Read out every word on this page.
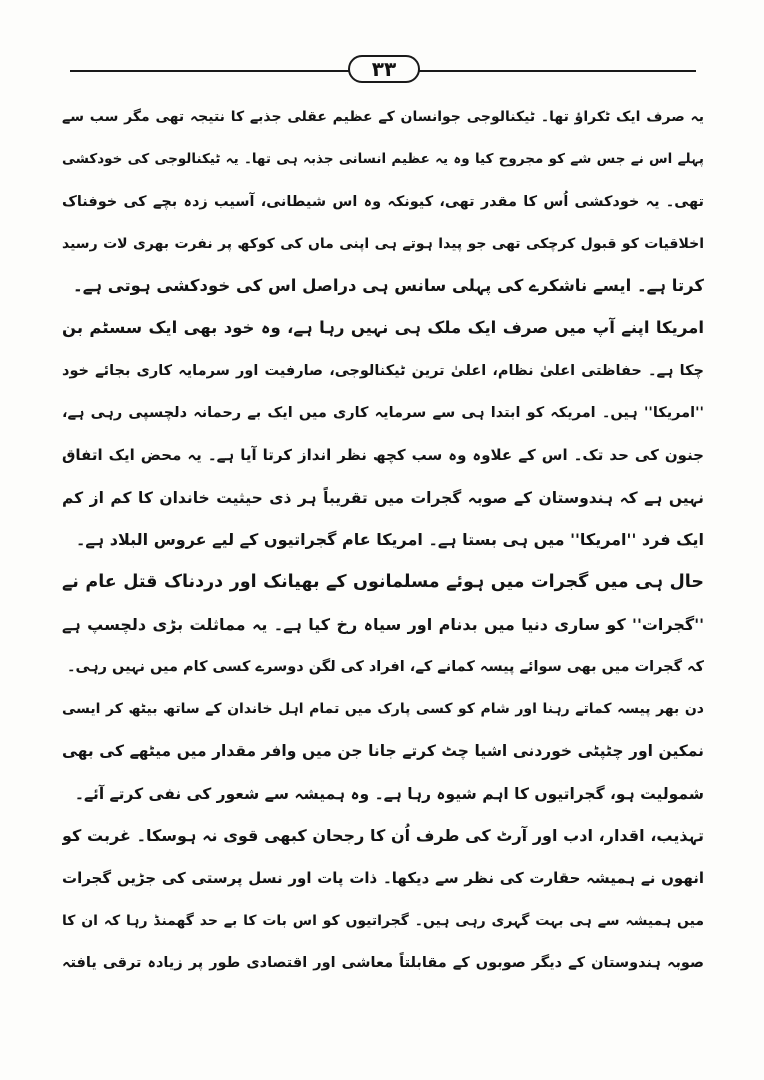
۳۳
یہ صرف ایک ٹکراؤ تھا۔ ٹیکنالوجی جوانسان کے عظیم عقلی جذبے کا نتیجہ تھی مگر سب سے
پہلے اس نے جس شے کو مجروح کیا وہ یہ عظیم انسانی جذبہ ہی تھا۔ یہ ٹیکنالوجی کی خودکشی
تھی۔ یہ خودکشی اُس کا مقدر تھی، کیونکہ وہ اس شیطانی، آسیب زدہ بچے کی خوفناک
اخلاقیات کو قبول کرچکی تھی جو پیدا ہوتے ہی اپنی ماں کی کوکھ پر نفرت بھری لات رسید
کرتا ہے۔ ایسے ناشکرے کی پہلی سانس ہی دراصل اس کی خودکشی ہوتی ہے۔
امریکا اپنے آپ میں صرف ایک ملک ہی نہیں رہا ہے، وہ خود بھی ایک سسٹم بن
چکا ہے۔ حفاظتی اعلیٰ نظام، اعلیٰ ترین ٹیکنالوجی، صارفیت اور سرمایہ کاری بجائے خود
''امریکا'' ہیں۔ امریکہ کو ابتدا ہی سے سرمایہ کاری میں ایک بے رحمانہ دلچسپی رہی ہے،
جنون کی حد تک۔ اس کے علاوہ وہ سب کچھ نظر انداز کرتا آیا ہے۔ یہ محض ایک اتفاق
نہیں ہے کہ ہندوستان کے صوبہ گجرات میں تقریباً ہر ذی حیثیت خاندان کا کم از کم
ایک فرد ''امریکا'' میں ہی بستا ہے۔ امریکا عام گجراتیوں کے لیے عروس البلاد ہے۔
حال ہی میں گجرات میں ہوئے مسلمانوں کے بھیانک اور دردناک قتل عام نے
''گجرات'' کو ساری دنیا میں بدنام اور سیاہ رخ کیا ہے۔ یہ مماثلت بڑی دلچسپ ہے
کہ گجرات میں بھی سوائے پیسہ کمانے کے، افراد کی لگن دوسرے کسی کام میں نہیں رہی۔
دن بھر پیسہ کماتے رہنا اور شام کو کسی پارک میں تمام اہل خاندان کے ساتھ بیٹھ کر ایسی
نمکین اور چٹپٹی خوردنی اشیا چٹ کرتے جانا جن میں وافر مقدار میں میٹھے کی بھی
شمولیت ہو، گجراتیوں کا اہم شیوہ رہا ہے۔ وہ ہمیشہ سے شعور کی نفی کرتے آئے۔
تہذیب، اقدار، ادب اور آرٹ کی طرف اُن کا رجحان کبھی قوی نہ ہوسکا۔ غربت کو
انھوں نے ہمیشہ حقارت کی نظر سے دیکھا۔ ذات پات اور نسل پرستی کی جڑیں گجرات
میں ہمیشہ سے ہی بہت گہری رہی ہیں۔ گجراتیوں کو اس بات کا بے حد گھمنڈ رہا کہ ان کا
صوبہ ہندوستان کے دیگر صوبوں کے مقابلتاً معاشی اور اقتصادی طور پر زیادہ ترقی یافتہ
